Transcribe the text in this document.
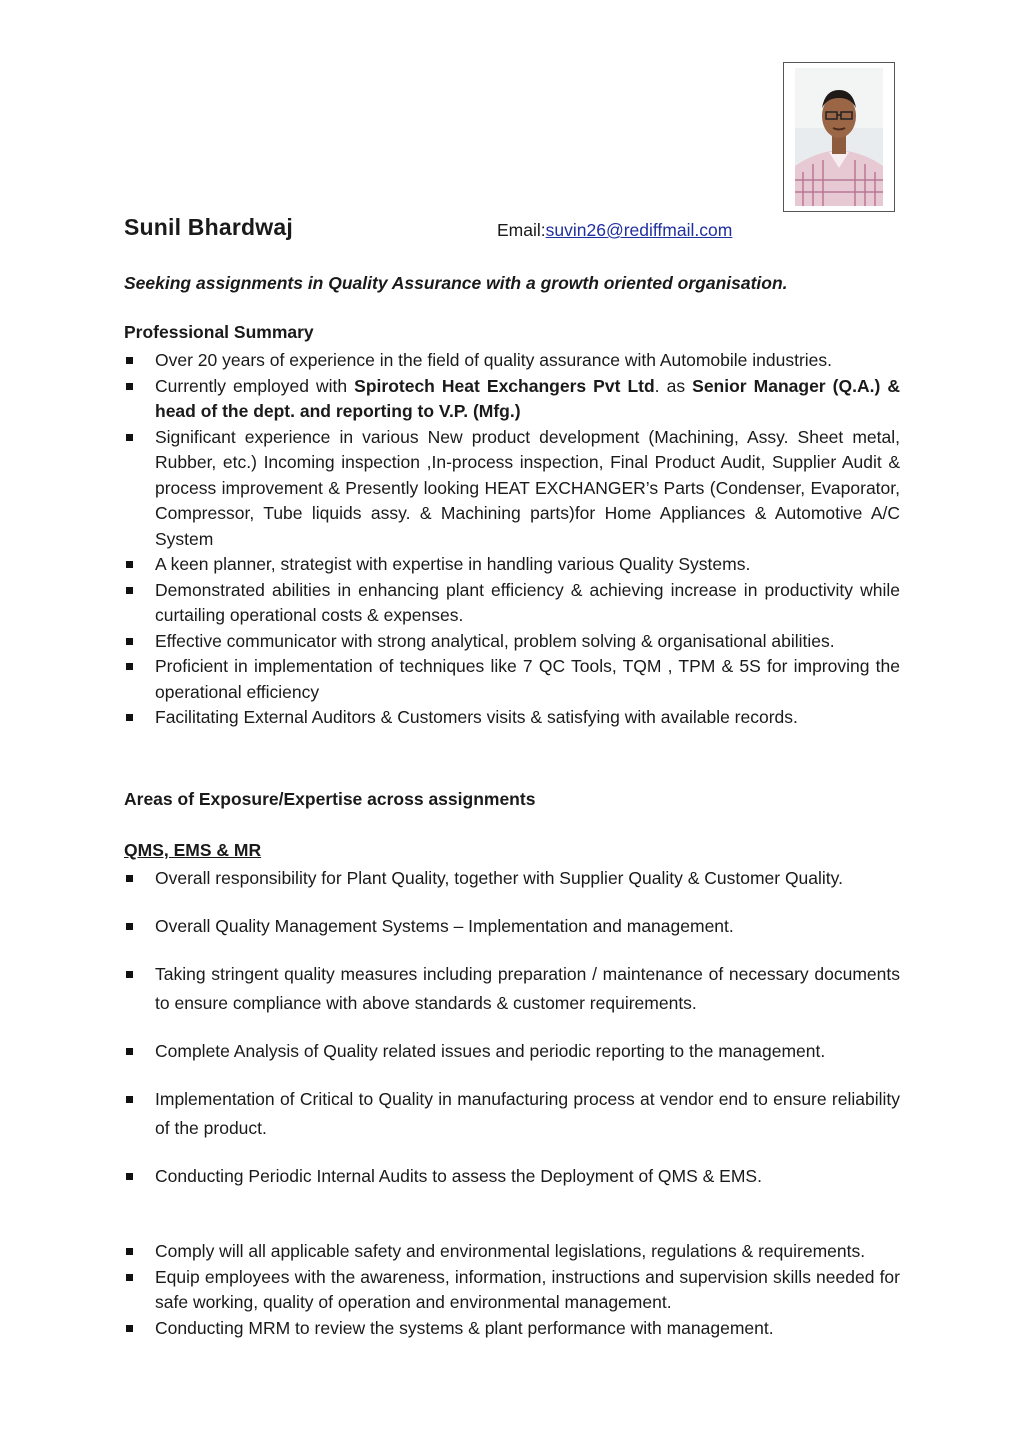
Sunil Bhardwaj	Email:suvin26@rediffmail.com
Seeking assignments in Quality Assurance with a growth oriented organisation.
Professional Summary
Over 20 years of experience in the field of quality assurance with Automobile industries.
Currently employed with Spirotech Heat Exchangers Pvt Ltd. as Senior Manager (Q.A.) & head of the dept. and reporting to V.P. (Mfg.)
Significant experience in various New product development (Machining, Assy. Sheet metal, Rubber, etc.) Incoming inspection ,In-process inspection, Final Product Audit, Supplier Audit & process improvement & Presently looking HEAT EXCHANGER’s Parts (Condenser, Evaporator, Compressor, Tube liquids assy. & Machining parts)for Home Appliances & Automotive A/C System
A keen planner, strategist with expertise in handling various Quality Systems.
Demonstrated abilities in enhancing plant efficiency & achieving increase in productivity while curtailing operational costs & expenses.
Effective communicator with strong analytical, problem solving & organisational abilities.
Proficient in implementation of techniques like 7 QC Tools, TQM , TPM & 5S for improving the operational efficiency
Facilitating External Auditors & Customers visits & satisfying with available records.
Areas of Exposure/Expertise across assignments
QMS, EMS & MR
Overall responsibility for Plant Quality, together with Supplier Quality & Customer Quality.
Overall Quality Management Systems – Implementation and management.
Taking stringent quality measures including preparation / maintenance of necessary documents to ensure compliance with above standards & customer requirements.
Complete Analysis of Quality related issues and periodic reporting to the management.
Implementation of Critical to Quality in manufacturing process at vendor end to ensure reliability of the product.
Conducting Periodic Internal Audits to assess the Deployment of QMS & EMS.
Comply will all applicable safety and environmental legislations, regulations & requirements.
Equip employees with the awareness, information, instructions and supervision skills needed for safe working, quality of operation and environmental management.
Conducting MRM to review the systems & plant performance with management.
